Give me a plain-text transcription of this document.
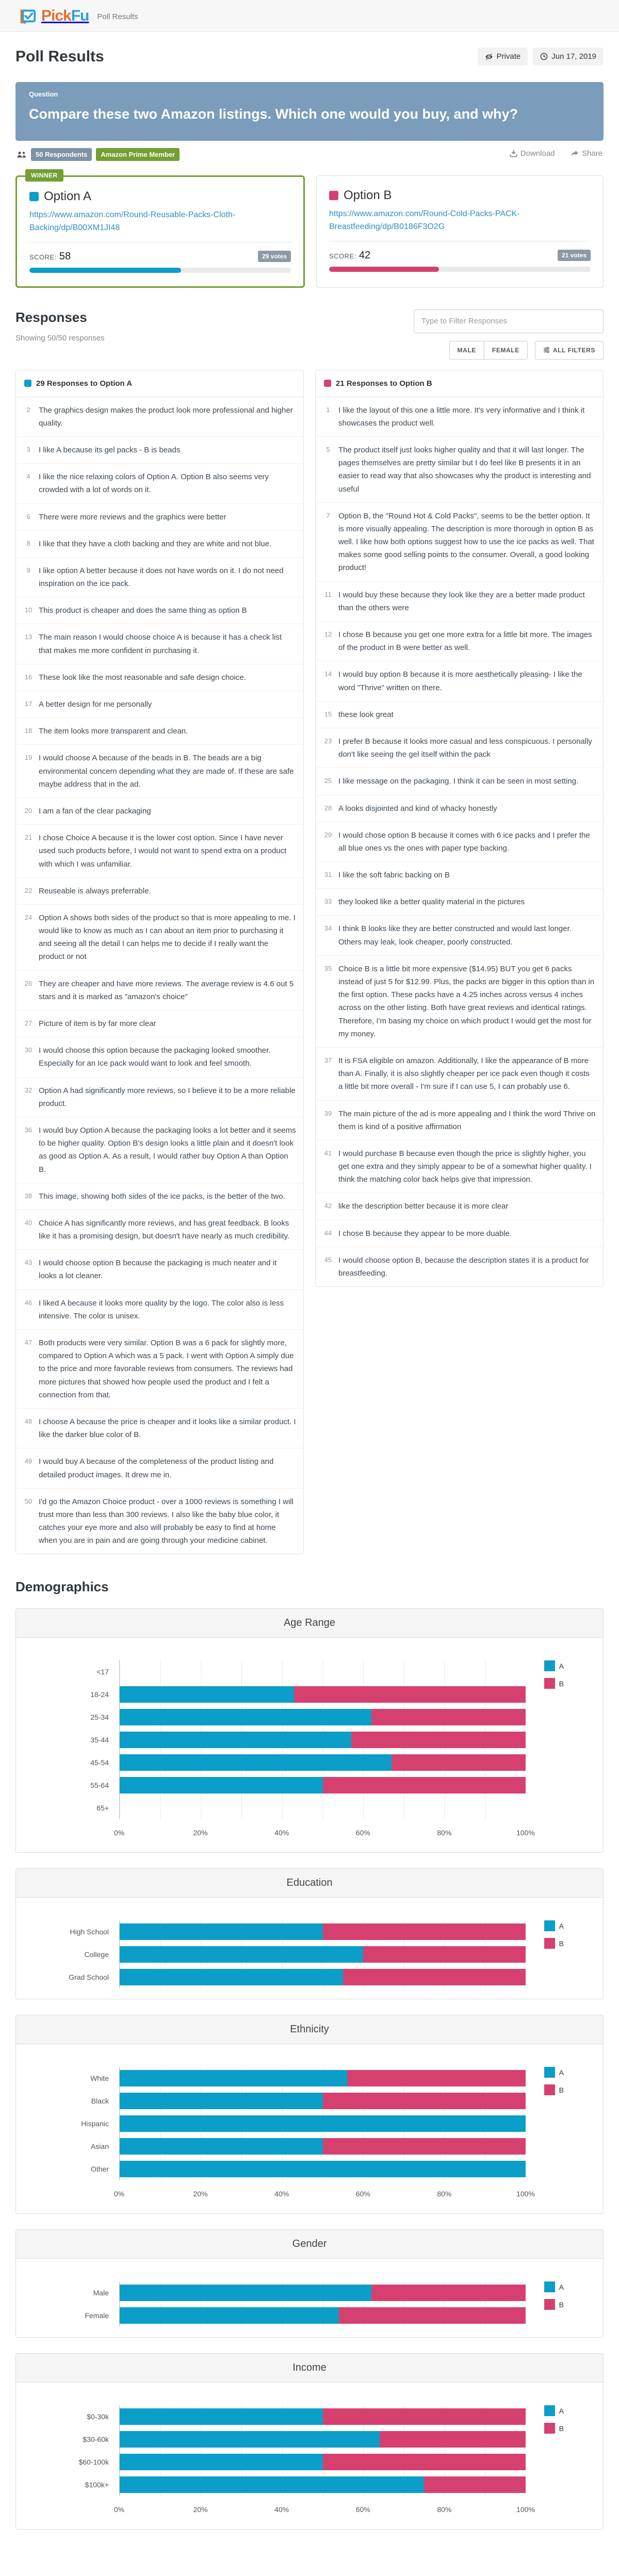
PickFu Poll Results
Poll Results	Private	Jun 17, 2019
Question
Compare these two Amazon listings. Which one would you buy, and why?
50 Respondents	Amazon Prime Member	Download
	Share
WINNER
Option A
https://www.amazon.com/Round-Reusable-Packs-Cloth-Backing/dp/B00XM1JI48
SCORE: 58	29 votes
Option B
https://www.amazon.com/Round-Cold-Packs-PACK-Breastfeeding/dp/B0186F3O2G
SCORE: 42	21 votes
Responses
Showing 50/50 responses
Type to Filter Responses
MALE	FEMALE	ALL FILTERS
29 Responses to Option A
2	The graphics design makes the product look more professional and higher quality.
3	I like A because its gel packs - B is beads
4	I like the nice relaxing colors of Option A. Option B also seems very crowded with a lot of words on it.
6	There were more reviews and the graphics were better
8	I like that they have a cloth backing and they are white and not blue.
9	I like option A better because it does not have words on it. I do not need inspiration on the ice pack.
10 This product is cheaper and does the same thing as option B
13 The main reason I would choose choice A is because it has a check list that makes me more confident in purchasing it.
16 These look like the most reasonable and safe design choice.
17 A better design for me personally
18 The item looks more transparent and clean.
19 I would choose A because of the beads in B. The beads are a big environmental concern depending what they are made of. If these are safe maybe address that in the ad.
20 I am a fan of the clear packaging
21 I chose Choice A because it is the lower cost option. Since I have never used such products before, I would not want to spend extra on a product with which I was unfamiliar.
22 Reuseable is always preferrable.
24 Option A shows both sides of the product so that is more appealing to me. I would like to know as much as I can about an item prior to purchasing it and seeing all the detail I can helps me to decide if I really want the product or not
26 They are cheaper and have more reviews. The average review is 4.6 out 5 stars and it is marked as "amazon's choice"
27 Picture of item is by far more clear
30 I would choose this option because the packaging looked smoother. Especially for an Ice pack would want to look and feel smooth.
32 Option A had significantly more reviews, so I believe it to be a more reliable product.
36 I would buy Option A because the packaging looks a lot better and it seems to be higher quality. Option B's design looks a little plain and it doesn't look as good as Option A. As a result, I would rather buy Option A than Option B.
38 This image, showing both sides of the ice packs, is the better of the two.
40 Choice A has significantly more reviews, and has great feedback. B looks like it has a promising design, but doesn't have nearly as much credibility.
43 I would choose option B because the packaging is much neater and it looks a lot cleaner.
46 I liked A because it looks more quality by the logo. The color also is less intensive. The color is unisex.
47 Both products were very similar. Option B was a 6 pack for slightly more, compared to Option A which was a 5 pack. I went with Option A simply due to the price and more favorable reviews from consumers. The reviews had more pictures that showed how people used the product and I felt a connection from that.
48 I choose A because the price is cheaper and it looks like a similar product. I like the darker blue color of B.
49 I would buy A because of the completeness of the product listing and detailed product images. It drew me in.
50 I'd go the Amazon Choice product - over a 1000 reviews is something I will trust more than less than 300 reviews. I also like the baby blue color, it catches your eye more and also will probably be easy to find at home when you are in pain and are going through your medicine cabinet.
21 Responses to Option B
1	I like the layout of this one a little more. It's very informative and I think it showcases the product well.
5	The product itself just looks higher quality and that it will last longer. The pages themselves are pretty similar but I do feel like B presents it in an easier to read way that also showcases why the product is interesting and useful
7	Option B, the "Round Hot & Cold Packs", seems to be the better option. It is more visually appealing. The description is more thorough in option B as well. I like how both options suggest how to use the ice packs as well. That makes some good selling points to the consumer. Overall, a good looking product!
11 I would buy these because they look like they are a better made product than the others were
12 I chose B because you get one more extra for a little bit more. The images of the product in B were better as well.
14 I would buy option B because it is more aesthetically pleasing- I like the word "Thrive" written on there.
15 these look great
23 I prefer B because it looks more casual and less conspicuous. I personally don't like seeing the gel itself within the pack
25 I like message on the packaging. I think it can be seen in most setting.
28 A looks disjointed and kind of whacky honestly
29 I would chose option B because it comes with 6 ice packs and I prefer the all blue ones vs the ones with paper type backing.
31 I like the soft fabric backing on B
33 they looked like a better quality material in the pictures
34 I think B looks like they are better constructed and would last longer. Others may leak, look cheaper, poorly constructed.
35 Choice B is a little bit more expensive ($14.95) BUT you get 6 packs instead of just 5 for $12.99. Plus, the packs are bigger in this option than in the first option. These packs have a 4.25 inches across versus 4 inches across on the other listing. Both have great reviews and identical ratings. Therefore, I'm basing my choice on which product I would get the most for my money.
37 It is FSA eligible on amazon. Additionally, I like the appearance of B more than A. Finally, it is also slightly cheaper per ice pack even though it costs a little bit more overall - I'm sure if I can use 5, I can probably use 6.
39 The main picture of the ad is more appealing and I think the word Thrive on them is kind of a positive affirmation
41 I would purchase B because even though the price is slightly higher, you get one extra and they simply appear to be of a somewhat higher quality. I think the matching color back helps give that impression.
42 like the description better because it is more clear
44 I chose B because they appear to be more duable.
45 I would choose option B, because the description states it is a product for breastfeeding.
Demographics
Age Range
<17
18-24
25-34
35-44
45-54
55-64
65+
0%	20%	40%	60%	80%	100%
A
B
Education
High School
College
Grad School
A
B
Ethnicity
White
Black
Hispanic
Asian
Other
0%	20%	40%	60%	80%	100%
A
B
Gender
Male
Female
A
B
Income
$0-30k
$30-60k
$60-100k
$100k+
0%	20%	40%	60%	80%	100%
A
B
